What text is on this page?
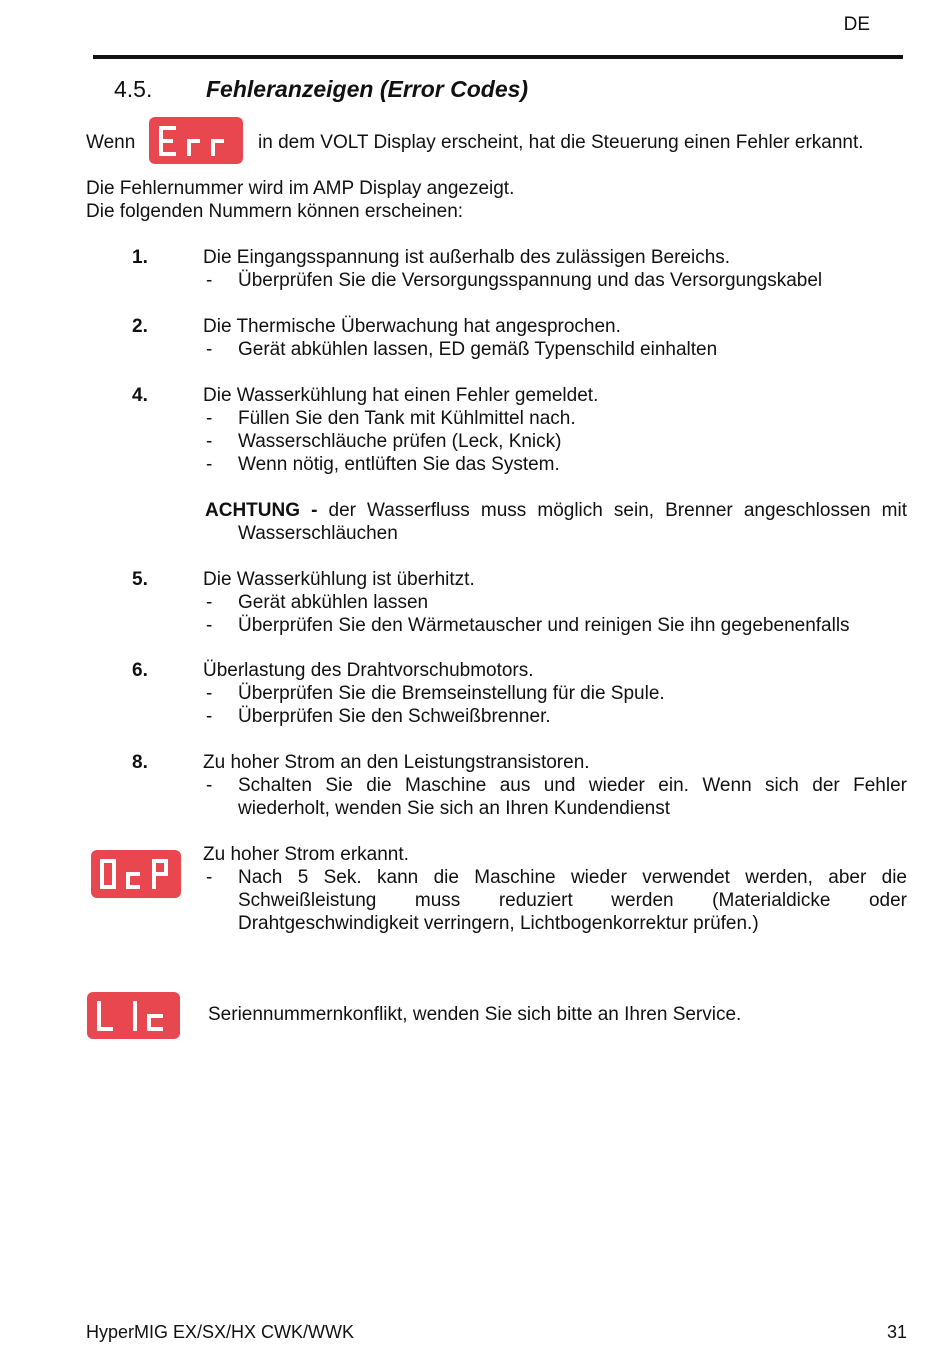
DE
4.5. Fehleranzeigen (Error Codes)
Wenn	in dem VOLT Display erscheint, hat die Steuerung einen Fehler erkannt.
Die Fehlernummer wird im AMP Display angezeigt.
Die folgenden Nummern können erscheinen:
1.	Die Eingangsspannung ist außerhalb des zulässigen Bereichs.
- Überprüfen Sie die Versorgungsspannung und das Versorgungskabel
2.	Die Thermische Überwachung hat angesprochen.
- Gerät abkühlen lassen, ED gemäß Typenschild einhalten
4.	Die Wasserkühlung hat einen Fehler gemeldet.
- Füllen Sie den Tank mit Kühlmittel nach.
- Wasserschläuche prüfen (Leck, Knick)
- Wenn nötig, entlüften Sie das System.
ACHTUNG - der Wasserfluss muss möglich sein, Brenner angeschlossen mit
Wasserschläuchen
5.	Die Wasserkühlung ist überhitzt.
- Gerät abkühlen lassen
- Überprüfen Sie den Wärmetauscher und reinigen Sie ihn gegebenenfalls
6.	Überlastung des Drahtvorschubmotors.
- Überprüfen Sie die Bremseinstellung für die Spule.
- Überprüfen Sie den Schweißbrenner.
8.	Zu hoher Strom an den Leistungstransistoren.
- Schalten Sie die Maschine aus und wieder ein. Wenn sich der Fehler
wiederholt, wenden Sie sich an Ihren Kundendienst
Zu hoher Strom erkannt.
- Nach 5 Sek. kann die Maschine wieder verwendet werden, aber die
Schweißleistung muss reduziert werden (Materialdicke oder
Drahtgeschwindigkeit verringern, Lichtbogenkorrektur prüfen.)
Seriennummernkonflikt, wenden Sie sich bitte an Ihren Service.
HyperMIG EX/SX/HX CWK/WWK	31
